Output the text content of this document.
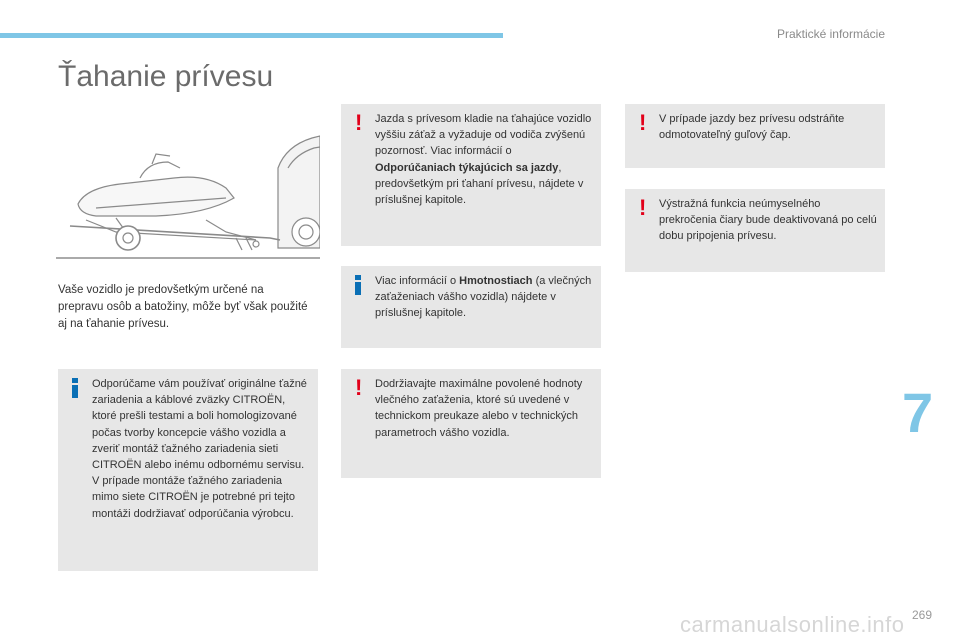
Praktické informácie
Ťahanie prívesu

Vaše vozidlo je predovšetkým určené na prepravu osôb a batožiny, môže byť však použité aj na ťahanie prívesu.

Odporúčame vám používať originálne ťažné zariadenia a káblové zväzky CITROËN, ktoré prešli testami a boli homologizované počas tvorby koncepcie vášho vozidla a zveriť montáž ťažného zariadenia sieti CITROËN alebo inému odbornému servisu. V prípade montáže ťažného zariadenia mimo siete CITROËN je potrebné pri tejto montáži dodržiavať odporúčania výrobcu.

! Jazda s prívesom kladie na ťahajúce vozidlo vyššiu záťaž a vyžaduje od vodiča zvýšenú pozornosť. Viac informácií o Odporúčaniach týkajúcich sa jazdy, predovšetkým pri ťahaní prívesu, nájdete v príslušnej kapitole.

Viac informácií o Hmotnostiach (a vlečných zaťaženiach vášho vozidla) nájdete v príslušnej kapitole.

! Dodržiavajte maximálne povolené hodnoty vlečného zaťaženia, ktoré sú uvedené v technickom preukaze alebo v technických parametroch vášho vozidla.

! V prípade jazdy bez prívesu odstráňte odmotovateľný guľový čap.

! Výstražná funkcia neúmyselného prekročenia čiary bude deaktivovaná po celú dobu pripojenia prívesu.

7
carmanualsonline.info 269
